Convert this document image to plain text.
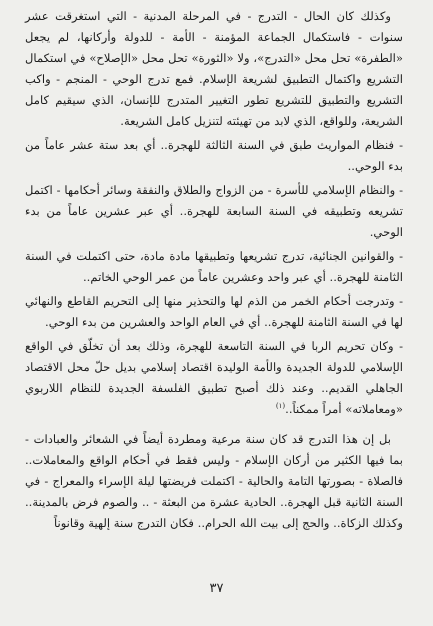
وكذلك كان الحال - التدرج - في المرحلة المدنية - التي استغرقت عشر سنوات - فاستكمال الجماعة المؤمنة - الأمة - للدولة وأركانها، لم يجعل «الطفرة» تحل محل «التدرج»، ولا «الثورة» تحل محل «الإصلاح» في استكمال التشريع واكتمال التطبيق لشريعة الإسلام. فمع تدرج الوحي - المنجم - واكب التشريع والتطبيق للتشريع تطور التغيير المتدرج للإنسان، الذي سيقيم كامل الشريعة، وللواقع، الذي لابد من تهيئته لتنزيل كامل الشريعة.

- فنظام المواريث طبق في السنة الثالثة للهجرة.. أي بعد ستة عشر عاماً من بدء الوحي..

- والنظام الإسلامي للأسرة - من الزواج والطلاق والنفقة وسائر أحكامها - اكتمل تشريعه وتطبيقه في السنة السابعة للهجرة.. أي عبر عشرين عاماً من بدء الوحي.

- والقوانين الجنائية، تدرج تشريعها وتطبيقها مادة مادة، حتى اكتملت في السنة الثامنة للهجرة.. أي عبر واحد وعشرين عاماً من عمر الوحي الخاتم..

- وتدرجت أحكام الخمر من الذم لها والتحذير منها إلى التحريم القاطع والنهائي لها في السنة الثامنة للهجرة.. أي في العام الواحد والعشرين من بدء الوحي.

- وكان تحريم الربا في السنة التاسعة للهجرة، وذلك بعد أن تخلّق في الواقع الإسلامي للدولة الجديدة والأمة الوليدة اقتصاد إسلامي بديل حلّ محل الاقتصاد الجاهلي القديم.. وعند ذلك أصبح تطبيق الفلسفة الجديدة للنظام اللاربوي «ومعاملاته» أمراً ممكناً..$^{(١)}$

بل إن هذا التدرج قد كان سنة مرعية ومطردة أيضاً في الشعائر والعبادات - بما فيها الكثير من أركان الإسلام - وليس فقط في أحكام الواقع والمعاملات.. فالصلاة - بصورتها التامة والحالية - اكتملت فريضتها ليلة الإسراء والمعراج - في السنة الثانية قبل الهجرة.. الحادية عشرة من البعثة - .. والصوم فرض بالمدينة.. وكذلك الزكاة.. والحج إلى بيت الله الحرام.. فكان التدرج سنة إلهية وقانوناً

٣٧
